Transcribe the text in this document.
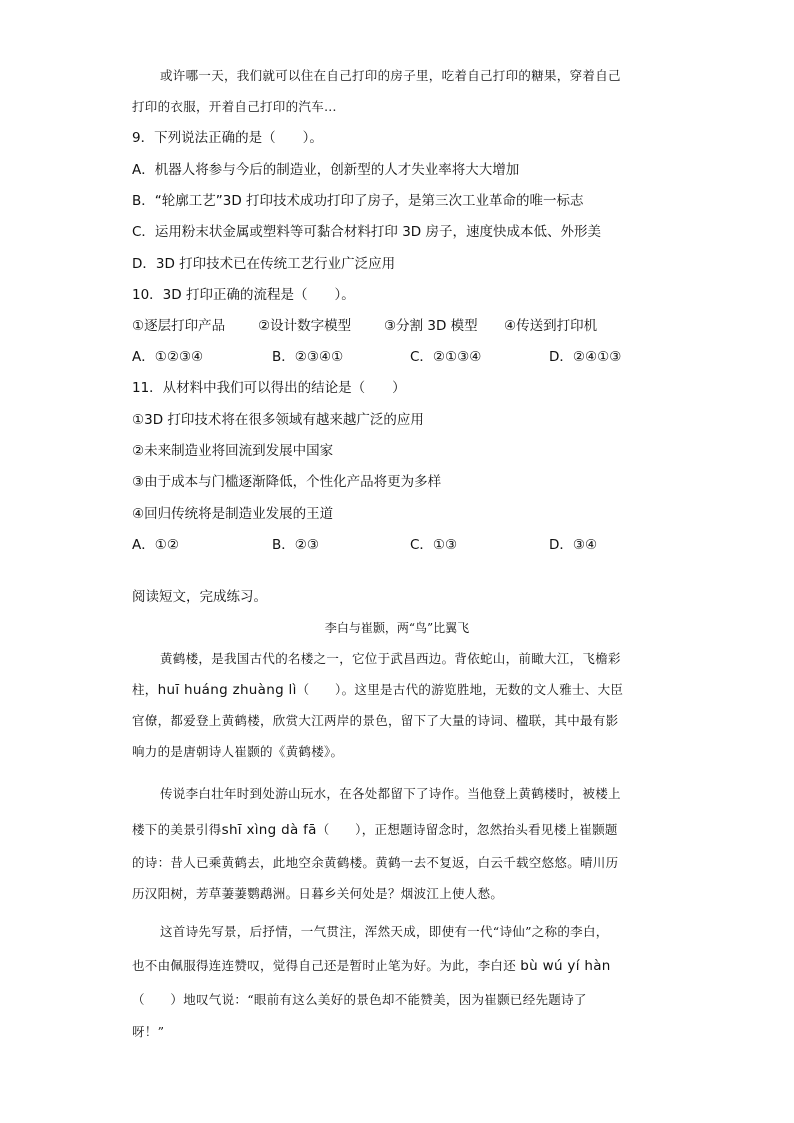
或许哪一天，我们就可以住在自己打印的房子里，吃着自己打印的糖果，穿着自己
打印的衣服，开着自己打印的汽车…
9．下列说法正确的是（　　）。
A．机器人将参与今后的制造业，创新型的人才失业率将大大增加
B．“轮廓工艺”3D 打印技术成功打印了房子，是第三次工业革命的唯一标志
C．运用粉末状金属或塑料等可黏合材料打印 3D 房子，速度快成本低、外形美
D．3D 打印技术已在传统工艺行业广泛应用
10．3D 打印正确的流程是（　　）。
①逐层打印产品 ②设计数字模型 ③分割 3D 模型 ④传送到打印机
A．①②③④	B．②③④①	C．②①③④	D．②④①③
11．从材料中我们可以得出的结论是（　　）
①3D 打印技术将在很多领域有越来越广泛的应用
②未来制造业将回流到发展中国家
③由于成本与门槛逐渐降低，个性化产品将更为多样
④回归传统将是制造业发展的王道
A．①②	B．②③	C．①③	D．③④
阅读短文，完成练习。
李白与崔颢，两“鸟”比翼飞
黄鹤楼，是我国古代的名楼之一，它位于武昌西边。背依蛇山，前瞰大江，飞檐彩
柱，huī huáng zhuàng lì（　　）。这里是古代的游览胜地，无数的文人雅士、大臣
官僚，都爱登上黄鹤楼，欣赏大江两岸的景色，留下了大量的诗词、楹联，其中最有影
响力的是唐朝诗人崔颢的《黄鹤楼》。
传说李白壮年时到处游山玩水，在各处都留下了诗作。当他登上黄鹤楼时，被楼上
楼下的美景引得shī xìng dà fā（　　），正想题诗留念时，忽然抬头看见楼上崔颢题
的诗：昔人已乘黄鹤去，此地空余黄鹤楼。黄鹤一去不复返，白云千载空悠悠。晴川历
历汉阳树，芳草萋萋鹦鹉洲。日暮乡关何处是？烟波江上使人愁。
这首诗先写景，后抒情，一气贯注，浑然天成，即使有一代“诗仙”之称的李白，
也不由佩服得连连赞叹，觉得自己还是暂时止笔为好。为此，李白还 bù wú yí hàn
（　　）地叹气说：“眼前有这么美好的景色却不能赞美，因为崔颢已经先题诗了
呀！”
